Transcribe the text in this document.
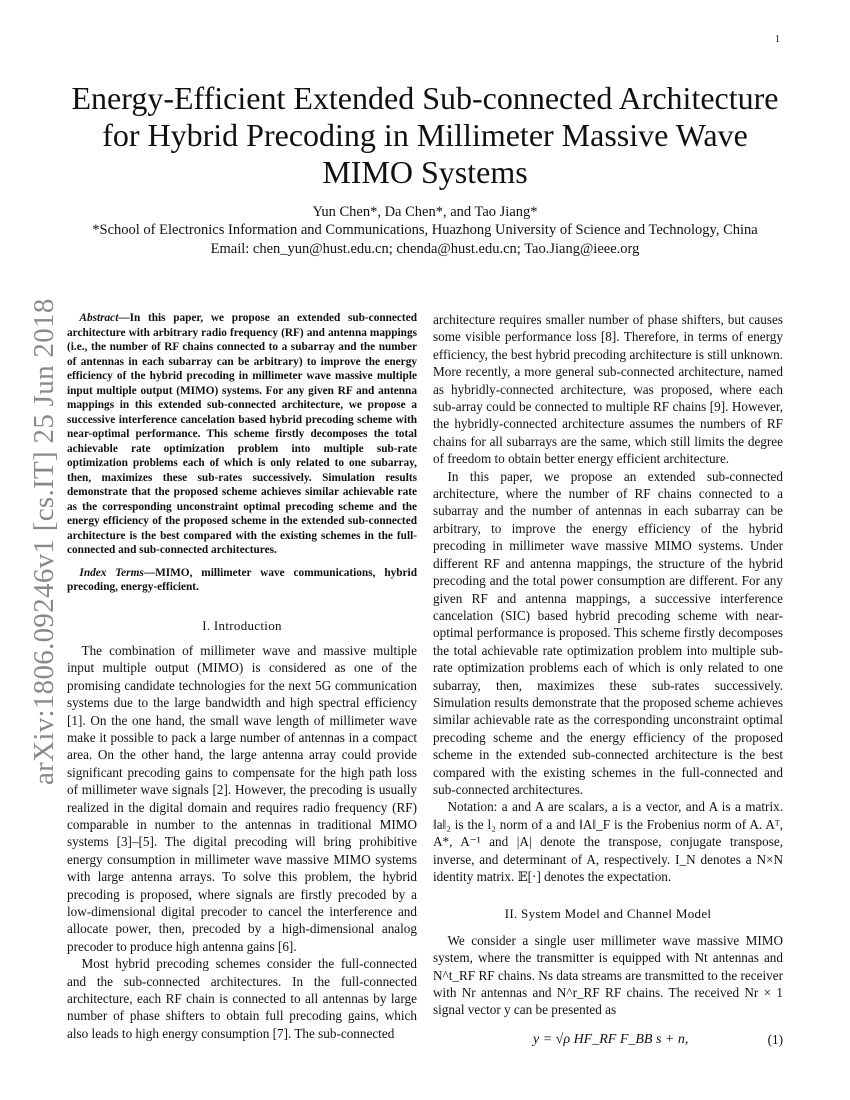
1
arXiv:1806.09246v1 [cs.IT] 25 Jun 2018
Energy-Efficient Extended Sub-connected Architecture for Hybrid Precoding in Millimeter Massive Wave MIMO Systems
Yun Chen*, Da Chen*, and Tao Jiang*
*School of Electronics Information and Communications, Huazhong University of Science and Technology, China
Email: chen_yun@hust.edu.cn; chenda@hust.edu.cn; Tao.Jiang@ieee.org

Abstract—In this paper, we propose an extended sub-connected architecture with arbitrary radio frequency (RF) and antenna mappings (i.e., the number of RF chains connected to a subarray and the number of antennas in each subarray can be arbitrary) to improve the energy efficiency of the hybrid precoding in millimeter wave massive multiple input multiple output (MIMO) systems. For any given RF and antenna mappings in this extended sub-connected architecture, we propose a successive interference cancelation based hybrid precoding scheme with near-optimal performance. This scheme firstly decomposes the total achievable rate optimization problem into multiple sub-rate optimization problems each of which is only related to one subarray, then, maximizes these sub-rates successively. Simulation results demonstrate that the proposed scheme achieves similar achievable rate as the corresponding unconstraint optimal precoding scheme and the energy efficiency of the proposed scheme in the extended sub-connected architecture is the best compared with the existing schemes in the full-connected and sub-connected architectures.

Index Terms—MIMO, millimeter wave communications, hybrid precoding, energy-efficient.

I. Introduction

The combination of millimeter wave and massive multiple input multiple output (MIMO) is considered as one of the promising candidate technologies for the next 5G communication systems due to the large bandwidth and high spectral efficiency [1]. On the one hand, the small wave length of millimeter wave make it possible to pack a large number of antennas in a compact area. On the other hand, the large antenna array could provide significant precoding gains to compensate for the high path loss of millimeter wave signals [2]. However, the precoding is usually realized in the digital domain and requires radio frequency (RF) comparable in number to the antennas in traditional MIMO systems [3]–[5]. The digital precoding will bring prohibitive energy consumption in millimeter wave massive MIMO systems with large antenna arrays. To solve this problem, the hybrid precoding is proposed, where signals are firstly precoded by a low-dimensional digital precoder to cancel the interference and allocate power, then, precoded by a high-dimensional analog precoder to produce high antenna gains [6].

Most hybrid precoding schemes consider the full-connected and the sub-connected architectures. In the full-connected architecture, each RF chain is connected to all antennas by large number of phase shifters to obtain full precoding gains, which also leads to high energy consumption [7]. The sub-connected

architecture requires smaller number of phase shifters, but causes some visible performance loss [8]. Therefore, in terms of energy efficiency, the best hybrid precoding architecture is still unknown. More recently, a more general sub-connected architecture, named as hybridly-connected architecture, was proposed, where each sub-array could be connected to multiple RF chains [9]. However, the hybridly-connected architecture assumes the numbers of RF chains for all subarrays are the same, which still limits the degree of freedom to obtain better energy efficient architecture.

In this paper, we propose an extended sub-connected architecture, where the number of RF chains connected to a subarray and the number of antennas in each subarray can be arbitrary, to improve the energy efficiency of the hybrid precoding in millimeter wave massive MIMO systems. Under different RF and antenna mappings, the structure of the hybrid precoding and the total power consumption are different. For any given RF and antenna mappings, a successive interference cancelation (SIC) based hybrid precoding scheme with near-optimal performance is proposed. This scheme firstly decomposes the total achievable rate optimization problem into multiple sub-rate optimization problems each of which is only related to one subarray, then, maximizes these sub-rates successively. Simulation results demonstrate that the proposed scheme achieves similar achievable rate as the corresponding unconstraint optimal precoding scheme and the energy efficiency of the proposed scheme in the extended sub-connected architecture is the best compared with the existing schemes in the full-connected and sub-connected architectures.

Notation: a and A are scalars, a is a vector, and A is a matrix. ‖a‖₂ is the l₂ norm of a and ‖A‖_F is the Frobenius norm of A. Aᵀ, A*, A⁻¹ and |A| denote the transpose, conjugate transpose, inverse, and determinant of A, respectively. I_N denotes a N×N identity matrix. 𝔼[·] denotes the expectation.

II. System Model and Channel Model

We consider a single user millimeter wave massive MIMO system, where the transmitter is equipped with Nt antennas and N^t_RF RF chains. Ns data streams are transmitted to the receiver with Nr antennas and N^r_RF RF chains. The received Nr × 1 signal vector y can be presented as

y = √ρ HF_RF F_BB s + n,	(1)
